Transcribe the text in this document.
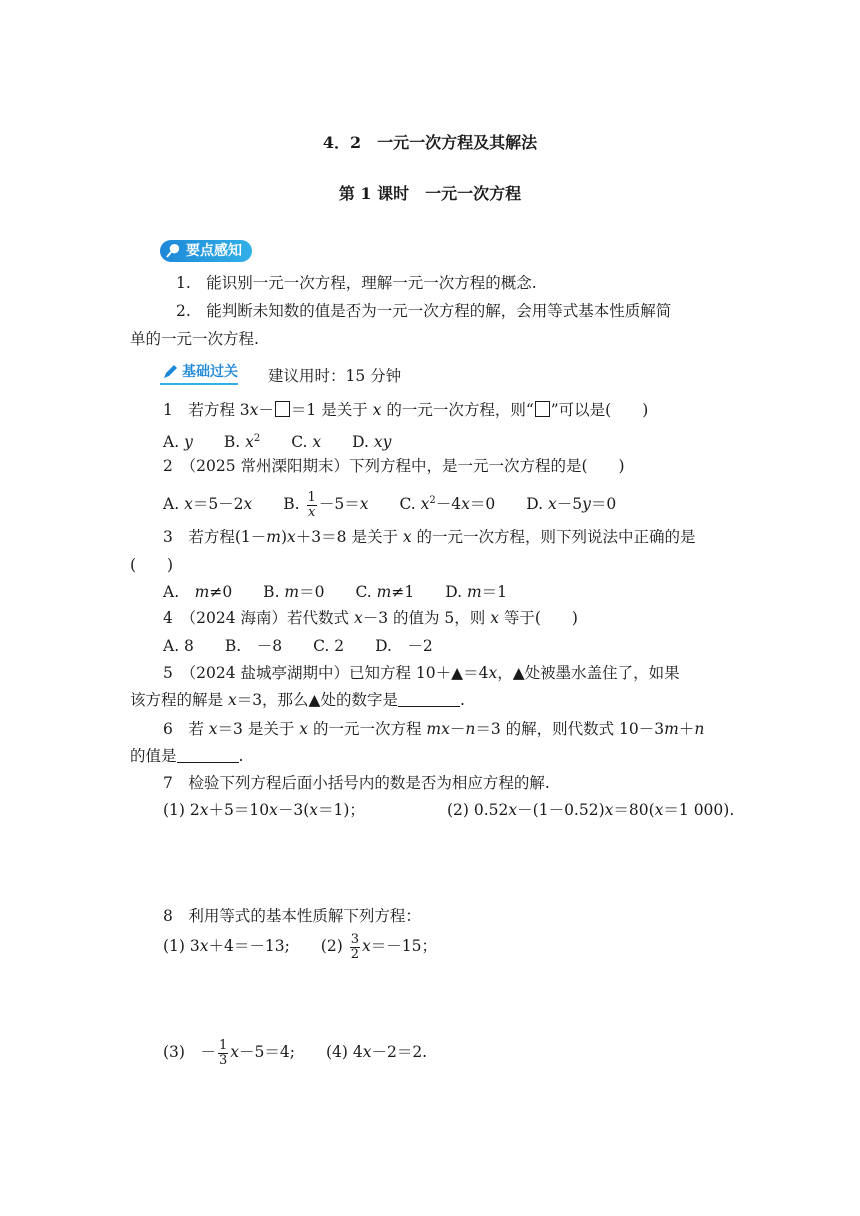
4．2　一元一次方程及其解法
第 1 课时　一元一次方程
要点感知
1.　能识别一元一次方程，理解一元一次方程的概念.
2.　能判断未知数的值是否为一元一次方程的解，会用等式基本性质解简
单的一元一次方程.
基础过关 建议用时：15 分钟
1　若方程 3x－ ＝1 是关于 x 的一元一次方程，则“ ”可以是(　　)
A. y　　B. $x^2$　　C. x　　D. xy
2　（2025 常州溧阳期末）下列方程中，是一元一次方程的是(　　)
A. x＝5－2x　　B. $\frac{1}{x} -5=x$　　C. $x^2-4x=0$　　D. x－5y＝0
3　若方程(1－m)x＋3＝8 是关于 x 的一元一次方程，则下列说法中正确的是
(　　)
A.　m≠0　　B. m＝0　　C. m≠1　　D. m＝1
4　（2024 海南）若代数式 x－3 的值为 5，则 x 等于(　　)
A. 8　　B.　－8　　C. 2　　D.　－2
5　（2024 盐城亭湖期中）已知方程 10＋▲＝4x，▲处被墨水盖住了，如果
该方程的解是 x＝3，那么▲处的数字是	.
6　若 x＝3 是关于 x 的一元一次方程 mx－n＝3 的解，则代数式 10－3m＋n
的值是	.
7　检验下列方程后面小括号内的数是否为相应方程的解.
(1) 2x＋5＝10x－3(x＝1)；	(2) 0.52x－(1－0.52)x＝80(x＝1 000).
8　利用等式的基本性质解下列方程：
(1) 3x＋4＝－13;　　$(2) \frac{3}{2} x=-15$；
(3)　－ $\frac{1}{3} x-5=4$;　　(4) 4x－2＝2.
